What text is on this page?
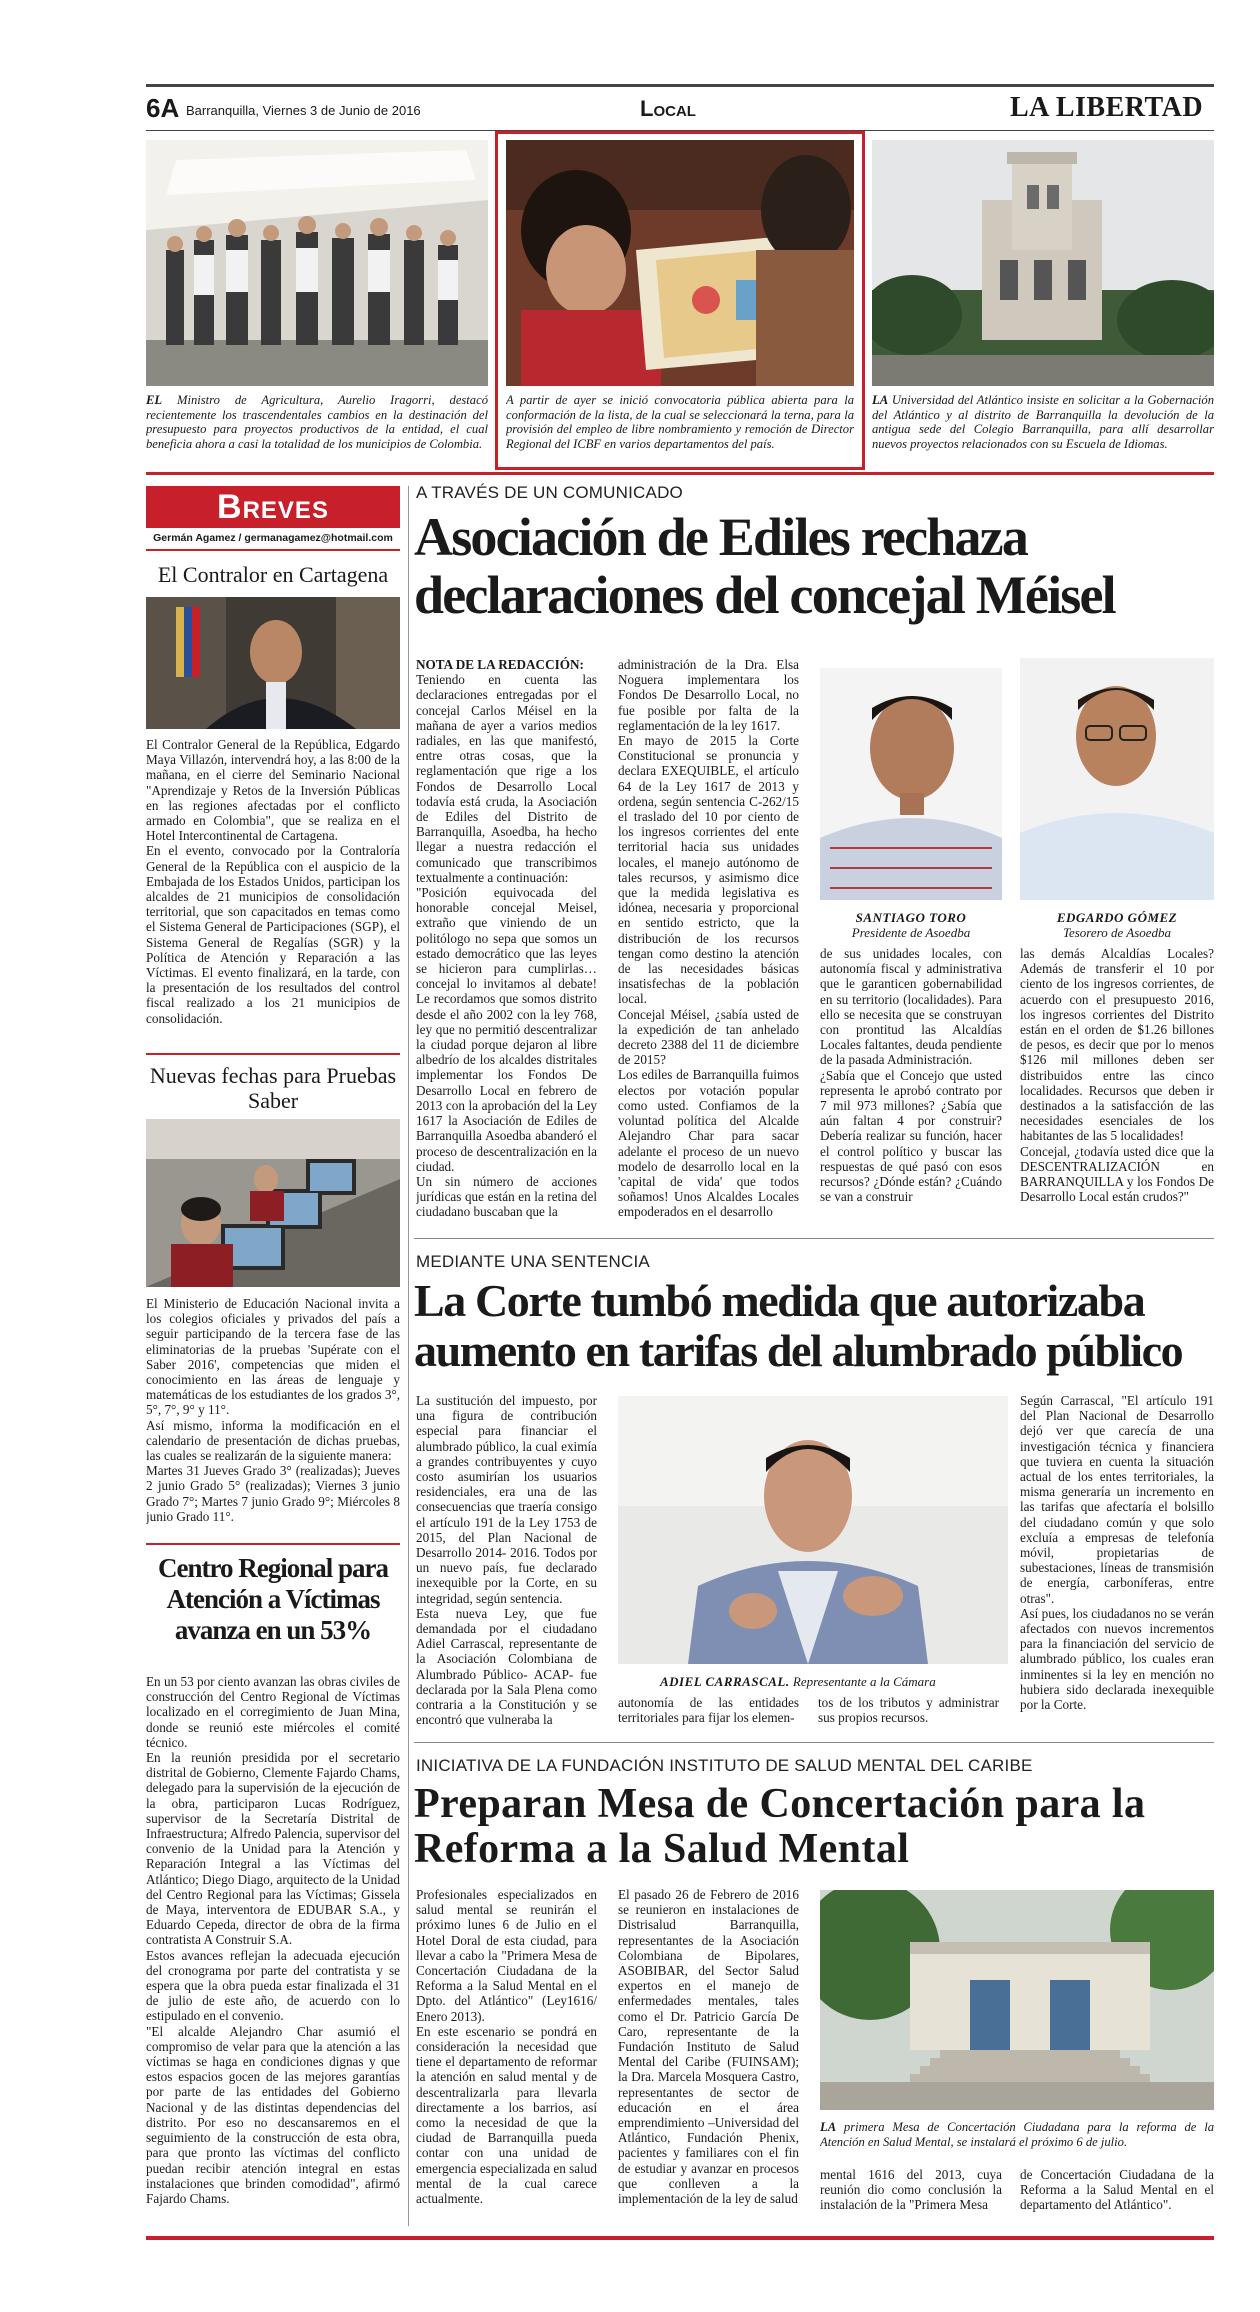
6A Barranquilla, Viernes 3 de Junio de 2016	Local	LA LIBERTAD
EL Ministro de Agricultura, Aurelio Iragorri, destacó recientemente los trascendentales cambios en la destinación del presupuesto para proyectos productivos de la entidad, el cual beneficia ahora a casi la totalidad de los municipios de Colombia.
A partir de ayer se inició convocatoria pública abierta para la conformación de la lista, de la cual se seleccionará la terna, para la provisión del empleo de libre nombramiento y remoción de Director Regional del ICBF en varios departamentos del país.
LA Universidad del Atlántico insiste en solicitar a la Gobernación del Atlántico y al distrito de Barranquilla la devolución de la antigua sede del Colegio Barranquilla, para allí desarrollar nuevos proyectos relacionados con su Escuela de Idiomas.
Breves
Germán Agamez / germanagamez@hotmail.com
El Contralor en Cartagena

El Contralor General de la República, Edgardo Maya Villazón, intervendrá hoy, a las 8:00 de la mañana, en el cierre del Seminario Nacional "Aprendizaje y Retos de la Inversión Públicas en las regiones afectadas por el conflicto armado en Colombia", que se realiza en el Hotel Intercontinental de Cartagena.

En el evento, convocado por la Contraloría General de la República con el auspicio de la Embajada de los Estados Unidos, participan los alcaldes de 21 municipios de consolidación territorial, que son capacitados en temas como el Sistema General de Participaciones (SGP), el Sistema General de Regalías (SGR) y la Política de Atención y Reparación a las Víctimas. El evento finalizará, en la tarde, con la presentación de los resultados del control fiscal realizado a los 21 municipios de consolidación.

Nuevas fechas para Pruebas Saber

El Ministerio de Educación Nacional invita a los colegios oficiales y privados del país a seguir participando de la tercera fase de las eliminatorias de la pruebas 'Supérate con el Saber 2016', competencias que miden el conocimiento en las áreas de lenguaje y matemáticas de los estudiantes de los grados 3°, 5°, 7°, 9° y 11°.

Así mismo, informa la modificación en el calendario de presentación de dichas pruebas, las cuales se realizarán de la siguiente manera:

Martes 31 Jueves Grado 3° (realizadas); Jueves 2 junio Grado 5° (realizadas); Viernes 3 junio Grado 7°; Martes 7 junio Grado 9°; Miércoles 8 junio Grado 11°.

Centro Regional para Atención a Víctimas avanza en un 53%

En un 53 por ciento avanzan las obras civiles de construcción del Centro Regional de Víctimas localizado en el corregimiento de Juan Mina, donde se reunió este miércoles el comité técnico.

En la reunión presidida por el secretario distrital de Gobierno, Clemente Fajardo Chams, delegado para la supervisión de la ejecución de la obra, participaron Lucas Rodríguez, supervisor de la Secretaría Distrital de Infraestructura; Alfredo Palencia, supervisor del convenio de la Unidad para la Atención y Reparación Integral a las Víctimas del Atlántico; Diego Diago, arquitecto de la Unidad del Centro Regional para las Víctimas; Gissela de Maya, interventora de EDUBAR S.A., y Eduardo Cepeda, director de obra de la firma contratista A Construir S.A.

Estos avances reflejan la adecuada ejecución del cronograma por parte del contratista y se espera que la obra pueda estar finalizada el 31 de julio de este año, de acuerdo con lo estipulado en el convenio.

"El alcalde Alejandro Char asumió el compromiso de velar para que la atención a las víctimas se haga en condiciones dignas y que estos espacios gocen de las mejores garantías por parte de las entidades del Gobierno Nacional y de las distintas dependencias del distrito. Por eso no descansaremos en el seguimiento de la construcción de esta obra, para que pronto las víctimas del conflicto puedan recibir atención integral en estas instalaciones que brinden comodidad", afirmó Fajardo Chams.

A TRAVÉS DE UN COMUNICADO
Asociación de Ediles rechaza declaraciones del concejal Méisel

NOTA DE LA REDACCIÓN:

Teniendo en cuenta las declaraciones entregadas por el concejal Carlos Méisel en la mañana de ayer a varios medios radiales, en las que manifestó, entre otras cosas, que la reglamentación que rige a los Fondos de Desarrollo Local todavía está cruda, la Asociación de Ediles del Distrito de Barranquilla, Asoedba, ha hecho llegar a nuestra redacción el comunicado que transcribimos textualmente a continuación:

"Posición equivocada del honorable concejal Meisel, extraño que viniendo de un politólogo no sepa que somos un estado democrático que las leyes se hicieron para cumplirlas…concejal lo invitamos al debate! Le recordamos que somos distrito desde el año 2002 con la ley 768, ley que no permitió descentralizar la ciudad porque dejaron al libre albedrío de los alcaldes distritales implementar los Fondos De Desarrollo Local en febrero de 2013 con la aprobación del la Ley 1617 la Asociación de Ediles de Barranquilla Asoedba abanderó el proceso de descentralización en la ciudad.

Un sin número de acciones jurídicas que están en la retina del ciudadano buscaban que la

administración de la Dra. Elsa Noguera implementara los Fondos De Desarrollo Local, no fue posible por falta de la reglamentación de la ley 1617.

En mayo de 2015 la Corte Constitucional se pronuncia y declara EXEQUIBLE, el artículo 64 de la Ley 1617 de 2013 y ordena, según sentencia C-262/15 el traslado del 10 por ciento de los ingresos corrientes del ente territorial hacia sus unidades locales, el manejo autónomo de tales recursos, y asimismo dice que la medida legislativa es idónea, necesaria y proporcional en sentido estricto, que la distribución de los recursos tengan como destino la atención de las necesidades básicas insatisfechas de la población local.

Concejal Méisel, ¿sabía usted de la expedición de tan anhelado decreto 2388 del 11 de diciembre de 2015?

Los ediles de Barranquilla fuimos electos por votación popular como usted. Confiamos de la voluntad política del Alcalde Alejandro Char para sacar adelante el proceso de un nuevo modelo de desarrollo local en la 'capital de vida' que todos soñamos! Unos Alcaldes Locales empoderados en el desarrollo

SANTIAGO TORO
Presidente de Asoedba
EDGARDO GÓMEZ
Tesorero de Asoedba

de sus unidades locales, con autonomía fiscal y administrativa que le garanticen gobernabilidad en su territorio (localidades). Para ello se necesita que se construyan con prontitud las Alcaldías Locales faltantes, deuda pendiente de la pasada Administración.

¿Sabía que el Concejo que usted representa le aprobó contrato por 7 mil 973 millones? ¿Sabía que aún faltan 4 por construir? Debería realizar su función, hacer el control político y buscar las respuestas de qué pasó con esos recursos? ¿Dónde están? ¿Cuándo se van a construir

las demás Alcaldías Locales? Además de transferir el 10 por ciento de los ingresos corrientes, de acuerdo con el presupuesto 2016, los ingresos corrientes del Distrito están en el orden de $1.26 billones de pesos, es decir que por lo menos $126 mil millones deben ser distribuidos entre las cinco localidades. Recursos que deben ir destinados a la satisfacción de las necesidades esenciales de los habitantes de las 5 localidades!

Concejal, ¿todavía usted dice que la DESCENTRALIZACIÓN en BARRANQUILLA y los Fondos De Desarrollo Local están crudos?"

MEDIANTE UNA SENTENCIA
La Corte tumbó medida que autorizaba aumento en tarifas del alumbrado público

La sustitución del impuesto, por una figura de contribución especial para financiar el alumbrado público, la cual eximía a grandes contribuyentes y cuyo costo asumirían los usuarios residenciales, era una de las consecuencias que traería consigo el artículo 191 de la Ley 1753 de 2015, del Plan Nacional de Desarrollo 2014- 2016. Todos por un nuevo país, fue declarado inexequible por la Corte, en su integridad, según sentencia.

Esta nueva Ley, que fue demandada por el ciudadano Adiel Carrascal, representante de la Asociación Colombiana de Alumbrado Público- ACAP- fue declarada por la Sala Plena como contraria a la Constitución y se encontró que vulneraba la

ADIEL CARRASCAL. Representante a la Cámara

autonomía de las entidades territoriales para fijar los elemen-

tos de los tributos y administrar sus propios recursos.

Según Carrascal, "El artículo 191 del Plan Nacional de Desarrollo dejó ver que carecía de una investigación técnica y financiera que tuviera en cuenta la situación actual de los entes territoriales, la misma generaría un incremento en las tarifas que afectaría el bolsillo del ciudadano común y que solo excluía a empresas de telefonía móvil, propietarias de subestaciones, líneas de transmisión de energía, carboníferas, entre otras".

Así pues, los ciudadanos no se verán afectados con nuevos incrementos para la financiación del servicio de alumbrado público, los cuales eran inminentes si la ley en mención no hubiera sido declarada inexequible por la Corte.

INICIATIVA DE LA FUNDACIÓN INSTITUTO DE SALUD MENTAL DEL CARIBE
Preparan Mesa de Concertación para la Reforma a la Salud Mental

Profesionales especializados en salud mental se reunirán el próximo lunes 6 de Julio en el Hotel Doral de esta ciudad, para llevar a cabo la "Primera Mesa de Concertación Ciudadana de la Reforma a la Salud Mental en el Dpto. del Atlántico" (Ley1616/ Enero 2013).

En este escenario se pondrá en consideración la necesidad que tiene el departamento de reformar la atención en salud mental y de descentralizarla para llevarla directamente a los barrios, así como la necesidad de que la ciudad de Barranquilla pueda contar con una unidad de emergencia especializada en salud mental de la cual carece actualmente.

El pasado 26 de Febrero de 2016 se reunieron en instalaciones de Distrisalud Barranquilla, representantes de la Asociación Colombiana de Bipolares, ASOBIBAR, del Sector Salud expertos en el manejo de enfermedades mentales, tales como el Dr. Patricio García De Caro, representante de la Fundación Instituto de Salud Mental del Caribe (FUINSAM); la Dra. Marcela Mosquera Castro, representantes de sector de educación en el área emprendimiento –Universidad del Atlántico, Fundación Phenix, pacientes y familiares con el fin de estudiar y avanzar en procesos que conlleven a la implementación de la ley de salud

LA primera Mesa de Concertación Ciudadana para la reforma de la Atención en Salud Mental, se instalará el próximo 6 de julio.

mental 1616 del 2013, cuya reunión dio como conclusión la instalación de la "Primera Mesa

de Concertación Ciudadana de la Reforma a la Salud Mental en el departamento del Atlántico".
